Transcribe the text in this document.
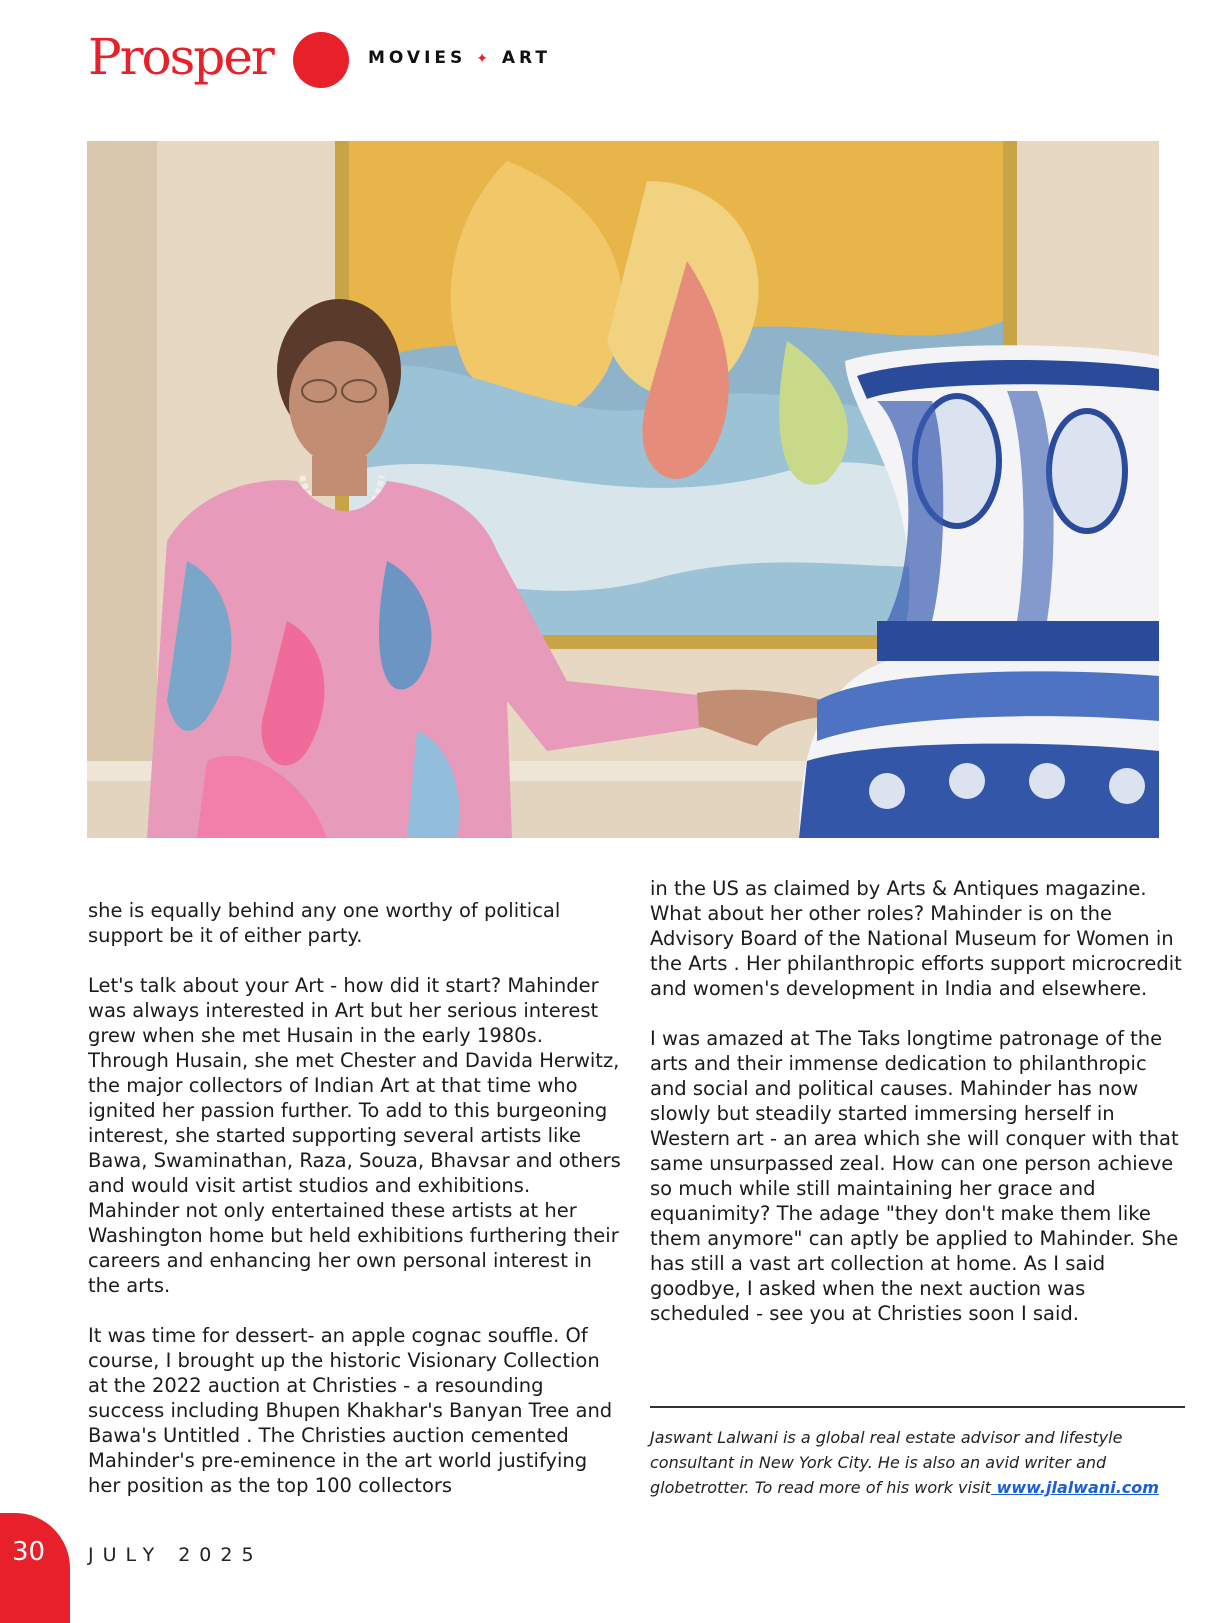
Prosper	MOVIES ✦ ART

she is equally behind any one worthy of political support be it of either party.

Let's talk about your Art - how did it start? Mahinder was always interested in Art but her serious interest grew when she met Husain in the early 1980s. Through Husain, she met Chester and Davida Herwitz, the major collectors of Indian Art at that time who ignited her passion further. To add to this burgeoning interest, she started supporting several artists like Bawa, Swaminathan, Raza, Souza, Bhavsar and others and would visit artist studios and exhibitions. Mahinder not only entertained these artists at her Washington home but held exhibitions furthering their careers and enhancing her own personal interest in the arts.

It was time for dessert- an apple cognac souffle. Of course, I brought up the historic Visionary Collection at the 2022 auction at Christies - a resounding success including Bhupen Khakhar's Banyan Tree and Bawa's Untitled . The Christies auction cemented Mahinder's pre-eminence in the art world justifying her position as the top 100 collectors

in the US as claimed by Arts & Antiques magazine. What about her other roles? Mahinder is on the Advisory Board of the National Museum for Women in the Arts . Her philanthropic efforts support microcredit and women's development in India and elsewhere.

I was amazed at The Taks longtime patronage of the arts and their immense dedication to philanthropic and social and political causes. Mahinder has now slowly but steadily started immersing herself in Western art - an area which she will conquer with that same unsurpassed zeal. How can one person achieve so much while still maintaining her grace and equanimity? The adage "they don't make them like them anymore" can aptly be applied to Mahinder. She has still a vast art collection at home. As I said goodbye, I asked when the next auction was scheduled - see you at Christies soon I said.

Jaswant Lalwani is a global real estate advisor and lifestyle consultant in New York City. He is also an avid writer and globetrotter. To read more of his work visit www.jlalwani.com
30 JULY 2025
